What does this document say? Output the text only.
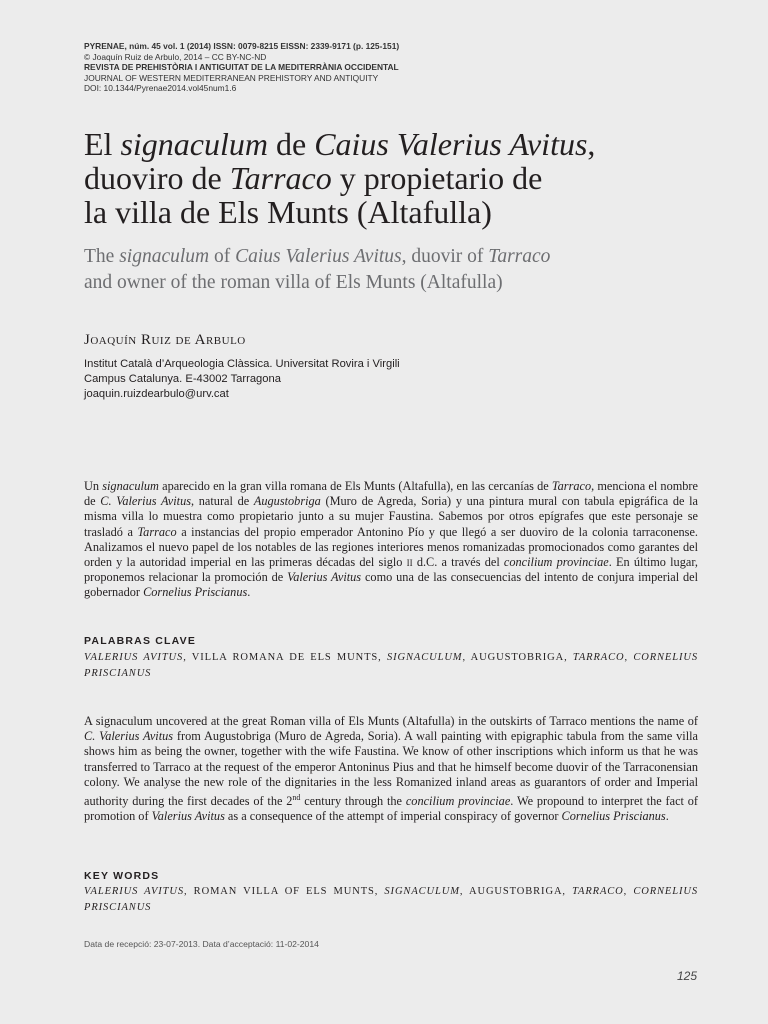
PYRENAE, núm. 45 vol. 1 (2014) ISSN: 0079-8215 EISSN: 2339-9171 (p. 125-151)
© Joaquín Ruiz de Arbulo, 2014 – CC BY-NC-ND
REVISTA DE PREHISTÒRIA I ANTIGUITAT DE LA MEDITERRÀNIA OCCIDENTAL
JOURNAL OF WESTERN MEDITERRANEAN PREHISTORY AND ANTIQUITY
DOI: 10.1344/Pyrenae2014.vol45num1.6
El signaculum de Caius Valerius Avitus,
duoviro de Tarraco y propietario de
la villa de Els Munts (Altafulla)
The signaculum of Caius Valerius Avitus, duovir of Tarraco
and owner of the roman villa of Els Munts (Altafulla)
Joaquín Ruiz de Arbulo
Institut Català d’Arqueologia Clàssica. Universitat Rovira i Virgili
Campus Catalunya. E-43002 Tarragona
joaquin.ruizdearbulo@urv.cat

Un signaculum aparecido en la gran villa romana de Els Munts (Altafulla), en las cercanías de Tarraco, menciona el nombre de C. Valerius Avitus, natural de Augustobriga (Muro de Agreda, Soria) y una pintura mural con tabula epigráfica de la misma villa lo muestra como propietario junto a su mujer Faustina. Sabemos por otros epígrafes que este personaje se trasladó a Tarraco a instancias del propio emperador Antonino Pío y que llegó a ser duoviro de la colonia tarraconense. Analizamos el nuevo papel de los notables de las regiones interiores menos romanizadas promocionados como garantes del orden y la autoridad imperial en las primeras décadas del siglo ii d.C. a través del concilium provinciae. En último lugar, proponemos relacionar la promoción de Valerius Avitus como una de las consecuencias del intento de conjura imperial del gobernador Cornelius Priscianus.

PALABRAS CLAVE
VALERIUS AVITUS, VILLA ROMANA DE ELS MUNTS, SIGNACULUM, AUGUSTOBRIGA, TARRACO, CORNELIUS PRISCIANUS

A signaculum uncovered at the great Roman villa of Els Munts (Altafulla) in the outskirts of Tarraco mentions the name of C. Valerius Avitus from Augustobriga (Muro de Agreda, Soria). A wall painting with epigraphic tabula from the same villa shows him as being the owner, together with the wife Faustina. We know of other inscriptions which inform us that he was transferred to Tarraco at the request of the emperor Antoninus Pius and that he himself become duovir of the Tarraconensian colony. We analyse the new role of the dignitaries in the less Romanized inland areas as guarantors of order and Imperial authority during the first decades of the 2nd century through the concilium provinciae. We propound to interpret the fact of promotion of Valerius Avitus as a consequence of the attempt of imperial conspiracy of governor Cornelius Priscianus.

KEY WORDS
VALERIUS AVITUS, ROMAN VILLA OF ELS MUNTS, SIGNACULUM, AUGUSTOBRIGA, TARRACO, CORNELIUS PRISCIANUS
Data de recepció: 23-07-2013. Data d’acceptació: 11-02-2014
125
